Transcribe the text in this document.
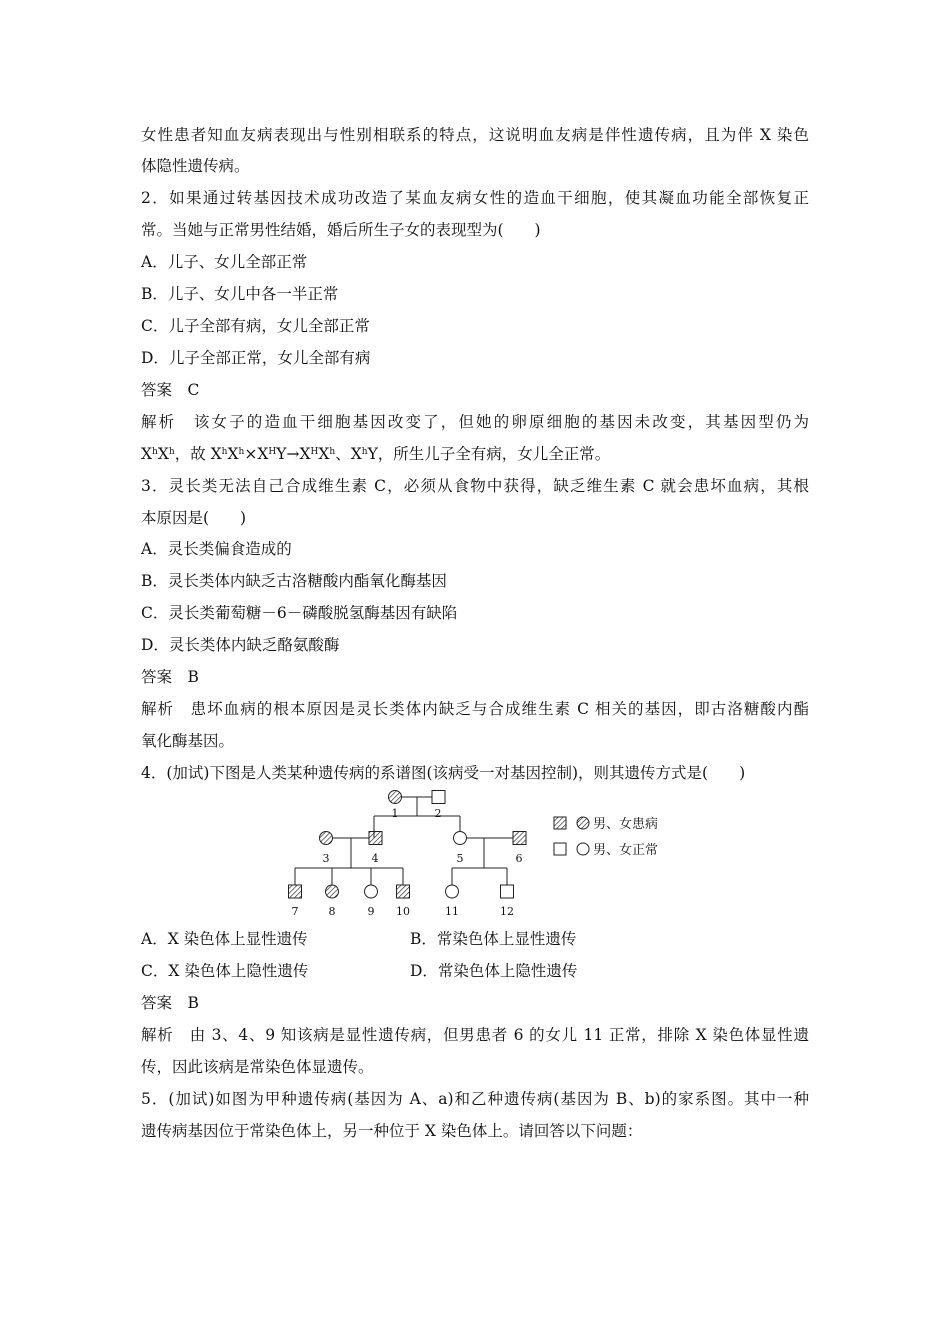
女性患者知血友病表现出与性别相联系的特点，这说明血友病是伴性遗传病，且为伴 X 染色
体隐性遗传病。
2．如果通过转基因技术成功改造了某血友病女性的造血干细胞，使其凝血功能全部恢复正
常。当她与正常男性结婚，婚后所生子女的表现型为(　　)
A．儿子、女儿全部正常
B．儿子、女儿中各一半正常
C．儿子全部有病，女儿全部正常
D．儿子全部正常，女儿全部有病
答案　C
解析　该女子的造血干细胞基因改变了，但她的卵原细胞的基因未改变，其基因型仍为
$X^hX^h$，故 $X^hX^h\times X^HY\to X^HX^h$、$X^hY$，所生儿子全有病，女儿全正常。
3．灵长类无法自己合成维生素 C，必须从食物中获得，缺乏维生素 C 就会患坏血病，其根
本原因是(　　)
A．灵长类偏食造成的
B．灵长类体内缺乏古洛糖酸内酯氧化酶基因
C．灵长类葡萄糖－6－磷酸脱氢酶基因有缺陷
D．灵长类体内缺乏酪氨酸酶
答案　B
解析　患坏血病的根本原因是灵长类体内缺乏与合成维生素 C 相关的基因，即古洛糖酸内酯
氧化酶基因。
4．(加试)下图是人类某种遗传病的系谱图(该病受一对基因控制)，则其遗传方式是(　　)
1	2
3	4	5	6
7	8	9 10	11	12
男、女患病
男、女正常
A．X 染色体上显性遗传	B．常染色体上显性遗传
C．X 染色体上隐性遗传	D．常染色体上隐性遗传
答案　B
解析　由 3、4、9 知该病是显性遗传病，但男患者 6 的女儿 11 正常，排除 X 染色体显性遗
传，因此该病是常染色体显遗传。
5．(加试)如图为甲种遗传病(基因为 A、a)和乙种遗传病(基因为 B、b)的家系图。其中一种
遗传病基因位于常染色体上，另一种位于 X 染色体上。请回答以下问题：
